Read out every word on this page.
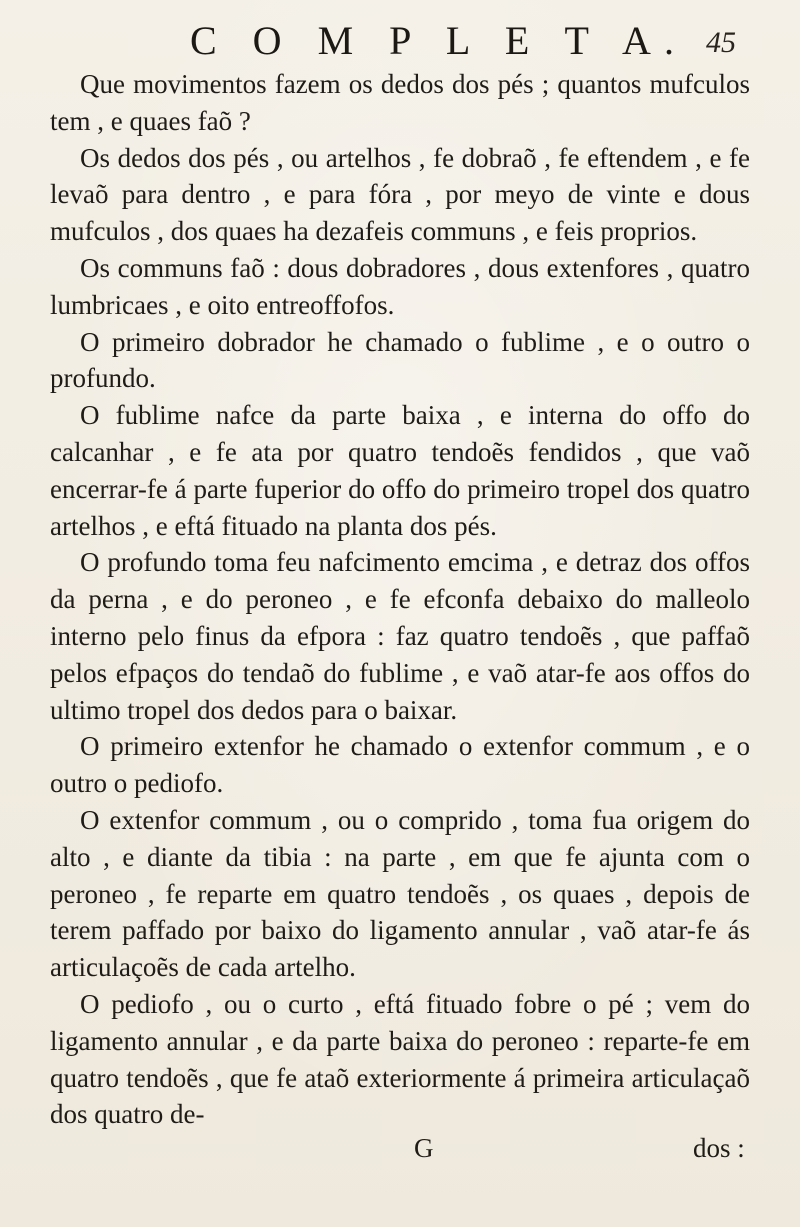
C O M P L E T A. 45

Que movimentos fazem os dedos dos pés ; quantos mufculos tem , e quaes faõ ?

Os dedos dos pés , ou artelhos , fe dobraõ , fe eftendem , e fe levaõ para dentro , e para fóra , por meyo de vinte e dous mufculos , dos quaes ha dezafeis communs , e feis proprios.

Os communs faõ : dous dobradores , dous extenfores , quatro lumbricaes , e oito entreoffofos.

O primeiro dobrador he chamado o fublime , e o outro o profundo.

O fublime nafce da parte baixa , e interna do offo do calcanhar , e fe ata por quatro tendoẽs fendidos , que vaõ encerrar-fe á parte fuperior do offo do primeiro tropel dos quatro artelhos , e eftá fituado na planta dos pés.

O profundo toma feu nafcimento emcima , e detraz dos offos da perna , e do peroneo , e fe efconfa debaixo do malleolo interno pelo finus da efpora : faz quatro tendoẽs , que paffaõ pelos efpaços do tendaõ do fublime , e vaõ atar-fe aos offos do ultimo tropel dos dedos para o baixar.

O primeiro extenfor he chamado o extenfor commum , e o outro o pediofo.

O extenfor commum , ou o comprido , toma fua origem do alto , e diante da tibia : na parte , em que fe ajunta com o peroneo , fe reparte em quatro tendoẽs , os quaes , depois de terem paffado por baixo do ligamento annular , vaõ atar-fe ás articulaçoẽs de cada artelho.

O pediofo , ou o curto , eftá fituado fobre o pé ; vem do ligamento annular , e da parte baixa do peroneo : reparte-fe em quatro tendoẽs , que fe ataõ exteriormente á primeira articulaçaõ dos quatro de-

G	dos :
